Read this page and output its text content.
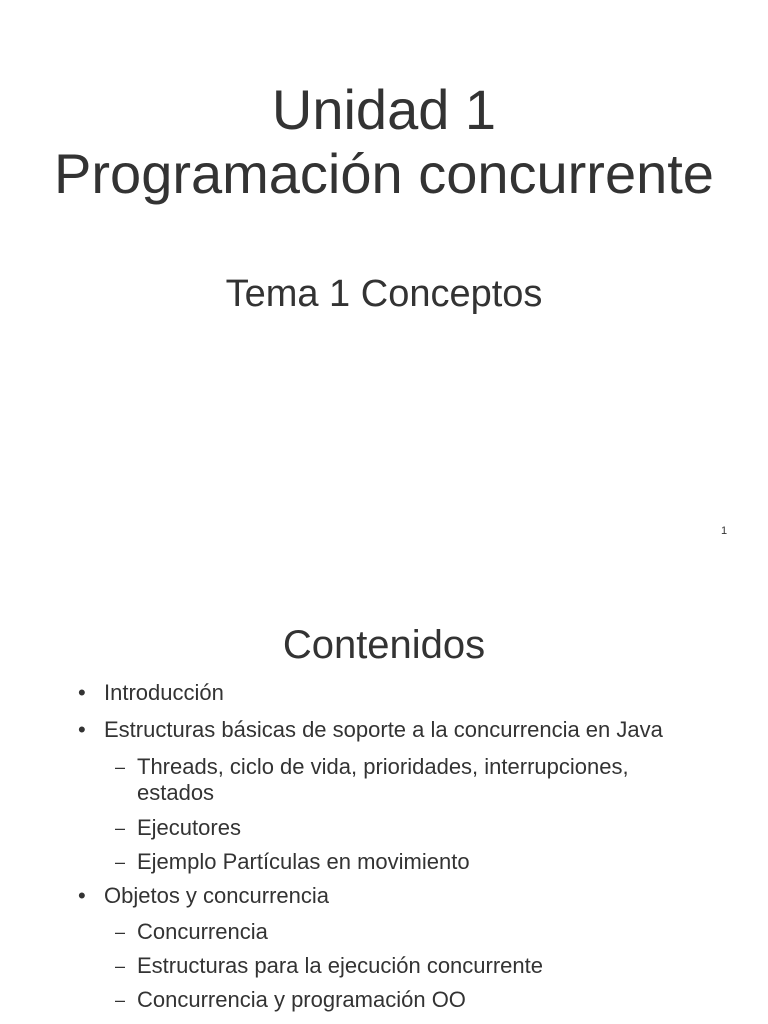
Unidad 1
Programación concurrente
Tema 1 Conceptos
1
Contenidos
• Introducción
• Estructuras básicas de soporte a la concurrencia en Java
– Threads, ciclo de vida, prioridades, interrupciones, estados
– Ejecutores
– Ejemplo Partículas en movimiento
• Objetos y concurrencia
– Concurrencia
– Estructuras para la ejecución concurrente
– Concurrencia y programación OO
